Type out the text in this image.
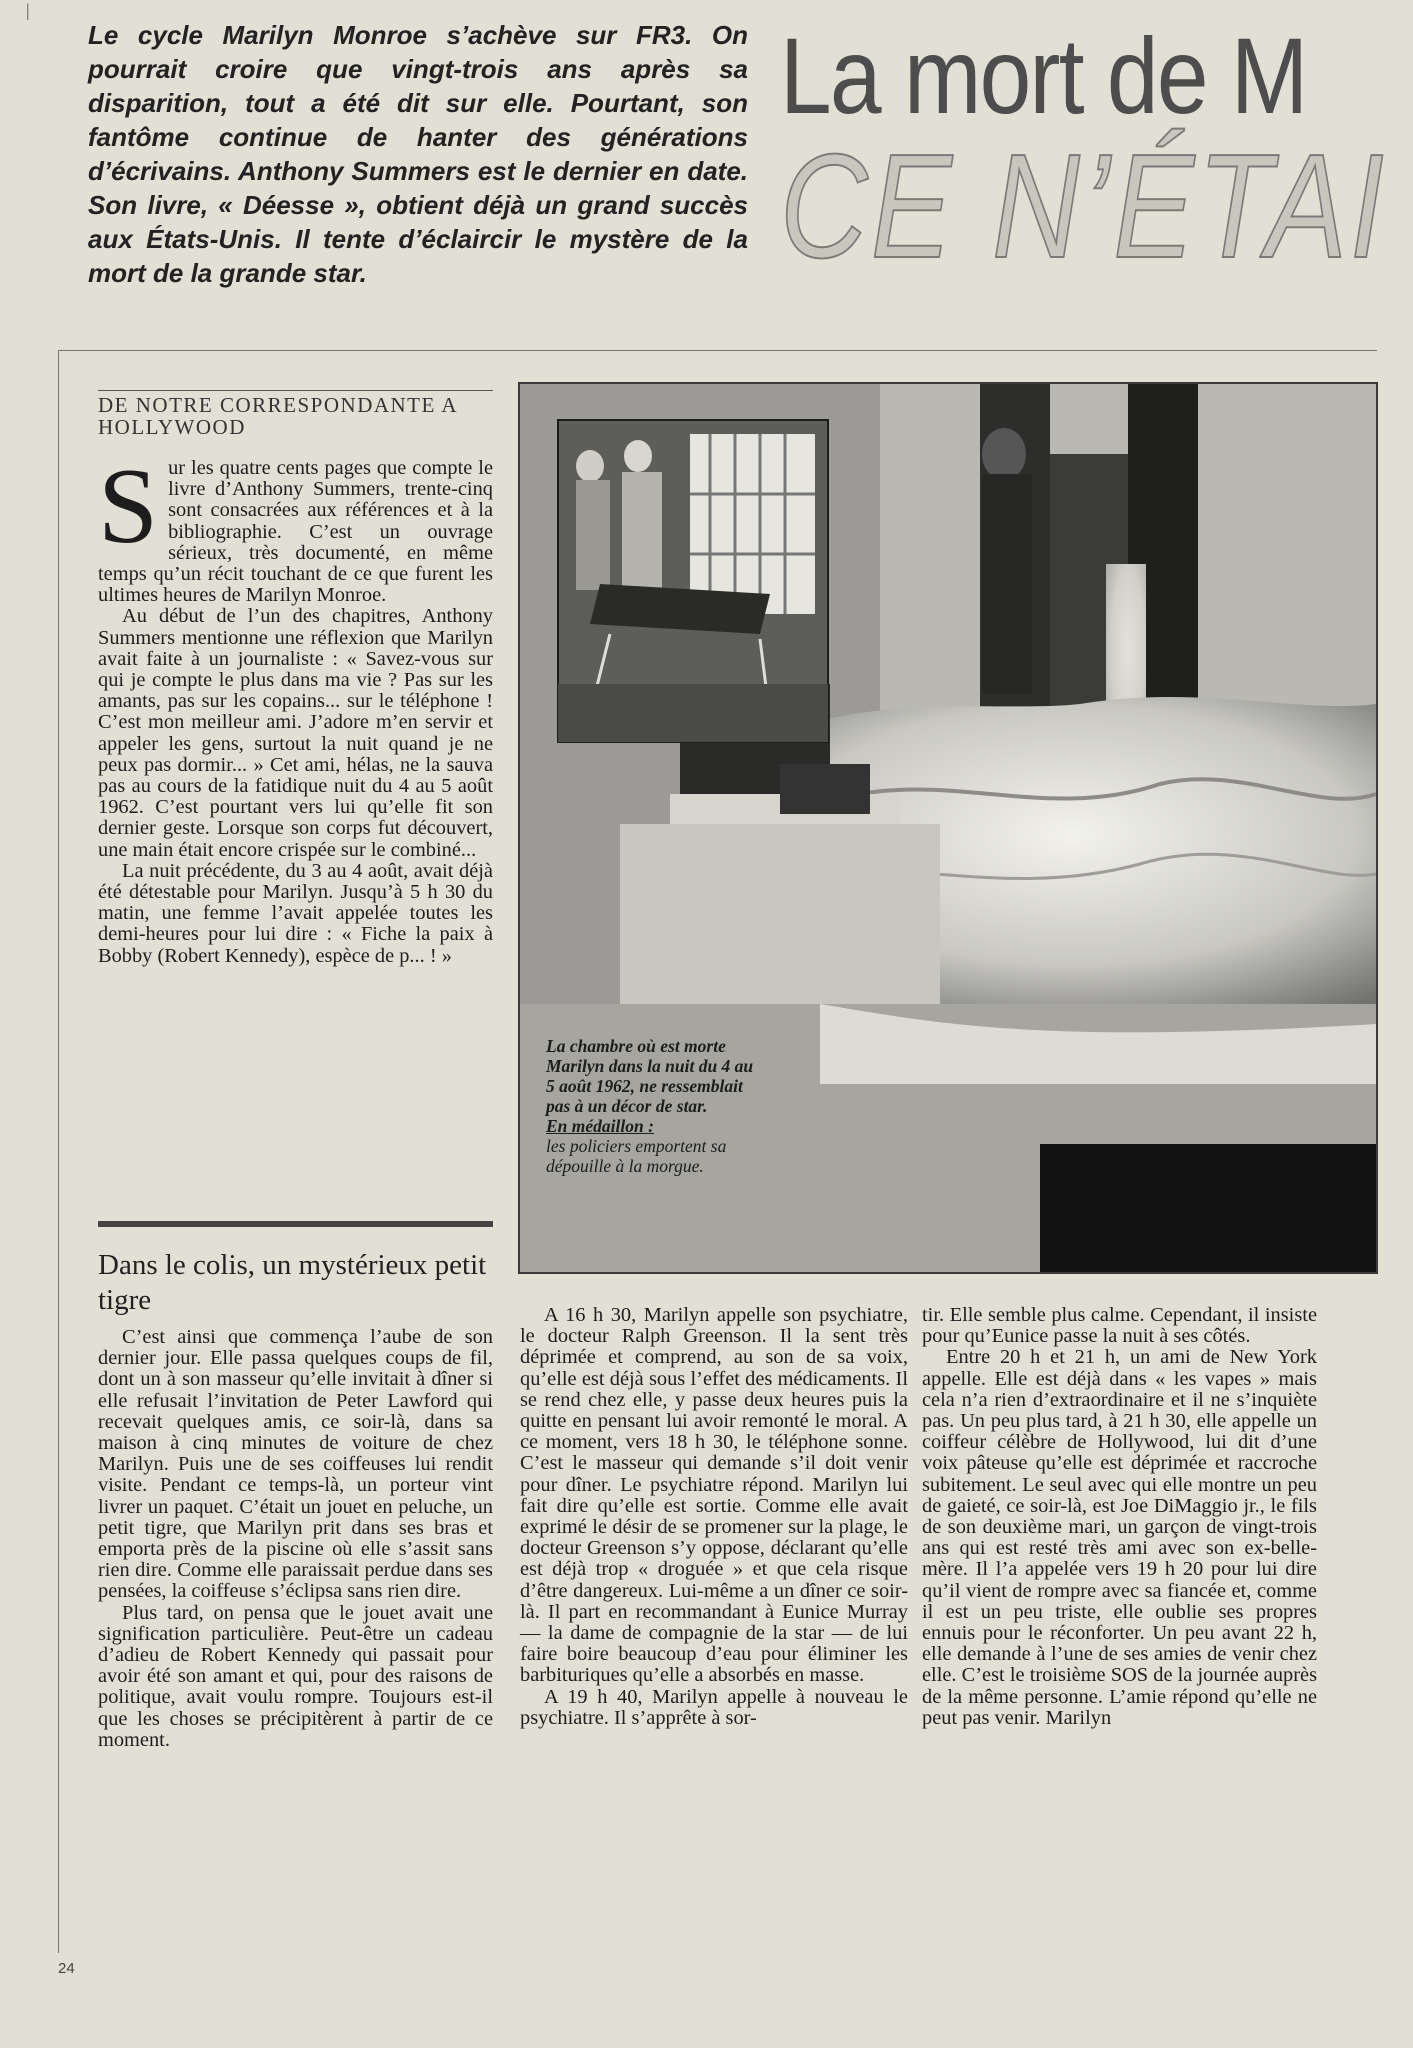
|
Le cycle Marilyn Monroe s’achève sur FR3. On pourrait croire que vingt-trois ans après sa disparition, tout a été dit sur elle. Pourtant, son fantôme continue de hanter des générations d’écrivains. Anthony Summers est le dernier en date. Son livre, « Déesse », obtient déjà un grand succès aux États-Unis. Il tente d’éclaircir le mystère de la mort de la grande star.
La mort de M
CE N’ÉTAI
DE NOTRE CORRESPONDANTE A HOLLYWOOD

Sur les quatre cents pages que compte le livre d’Anthony Summers, trente-cinq sont consacrées aux références et à la bibliographie. C’est un ouvrage sérieux, très documenté, en même temps qu’un récit touchant de ce que furent les ultimes heures de Marilyn Monroe.

Au début de l’un des chapitres, Anthony Summers mentionne une réflexion que Marilyn avait faite à un journaliste : « Savez-vous sur qui je compte le plus dans ma vie ? Pas sur les amants, pas sur les copains... sur le téléphone ! C’est mon meilleur ami. J’adore m’en servir et appeler les gens, surtout la nuit quand je ne peux pas dormir... » Cet ami, hélas, ne la sauva pas au cours de la fatidique nuit du 4 au 5 août 1962. C’est pourtant vers lui qu’elle fit son dernier geste. Lorsque son corps fut découvert, une main était encore crispée sur le combiné...

La nuit précédente, du 3 au 4 août, avait déjà été détestable pour Marilyn. Jusqu’à 5 h 30 du matin, une femme l’avait appelée toutes les demi-heures pour lui dire : « Fiche la paix à Bobby (Robert Kennedy), espèce de p... ! »

Dans le colis, un mystérieux petit tigre

C’est ainsi que commença l’aube de son dernier jour. Elle passa quelques coups de fil, dont un à son masseur qu’elle invitait à dîner si elle refusait l’invitation de Peter Lawford qui recevait quelques amis, ce soir-là, dans sa maison à cinq minutes de voiture de chez Marilyn. Puis une de ses coiffeuses lui rendit visite. Pendant ce temps-là, un porteur vint livrer un paquet. C’était un jouet en peluche, un petit tigre, que Marilyn prit dans ses bras et emporta près de la piscine où elle s’assit sans rien dire. Comme elle paraissait perdue dans ses pensées, la coiffeuse s’éclipsa sans rien dire.

Plus tard, on pensa que le jouet avait une signification particulière. Peut-être un cadeau d’adieu de Robert Kennedy qui passait pour avoir été son amant et qui, pour des raisons de politique, avait voulu rompre. Toujours est-il que les choses se précipitèrent à partir de ce moment.

A 16 h 30, Marilyn appelle son psychiatre, le docteur Ralph Greenson. Il la sent très déprimée et comprend, au son de sa voix, qu’elle est déjà sous l’effet des médicaments. Il se rend chez elle, y passe deux heures puis la quitte en pensant lui avoir remonté le moral. A ce moment, vers 18 h 30, le téléphone sonne. C’est le masseur qui demande s’il doit venir pour dîner. Le psychiatre répond. Marilyn lui fait dire qu’elle est sortie. Comme elle avait exprimé le désir de se promener sur la plage, le docteur Greenson s’y oppose, déclarant qu’elle est déjà trop « droguée » et que cela risque d’être dangereux. Lui-même a un dîner ce soir-là. Il part en recommandant à Eunice Murray — la dame de compagnie de la star — de lui faire boire beaucoup d’eau pour éliminer les barbituriques qu’elle a absorbés en masse.

A 19 h 40, Marilyn appelle à nouveau le psychiatre. Il s’apprête à sor-

tir. Elle semble plus calme. Cependant, il insiste pour qu’Eunice passe la nuit à ses côtés.

Entre 20 h et 21 h, un ami de New York appelle. Elle est déjà dans « les vapes » mais cela n’a rien d’extraordinaire et il ne s’inquiète pas. Un peu plus tard, à 21 h 30, elle appelle un coiffeur célèbre de Hollywood, lui dit d’une voix pâteuse qu’elle est déprimée et raccroche subitement. Le seul avec qui elle montre un peu de gaieté, ce soir-là, est Joe DiMaggio jr., le fils de son deuxième mari, un garçon de vingt-trois ans qui est resté très ami avec son ex-belle-mère. Il l’a appelée vers 19 h 20 pour lui dire qu’il vient de rompre avec sa fiancée et, comme il est un peu triste, elle oublie ses propres ennuis pour le réconforter. Un peu avant 22 h, elle demande à l’une de ses amies de venir chez elle. C’est le troisième SOS de la journée auprès de la même personne. L’amie répond qu’elle ne peut pas venir. Marilyn

La chambre où est morte Marilyn dans la nuit du 4 au 5 août 1962, ne ressemblait pas à un décor de star.
En médaillon :
les policiers emportent sa dépouille à la morgue.
24
